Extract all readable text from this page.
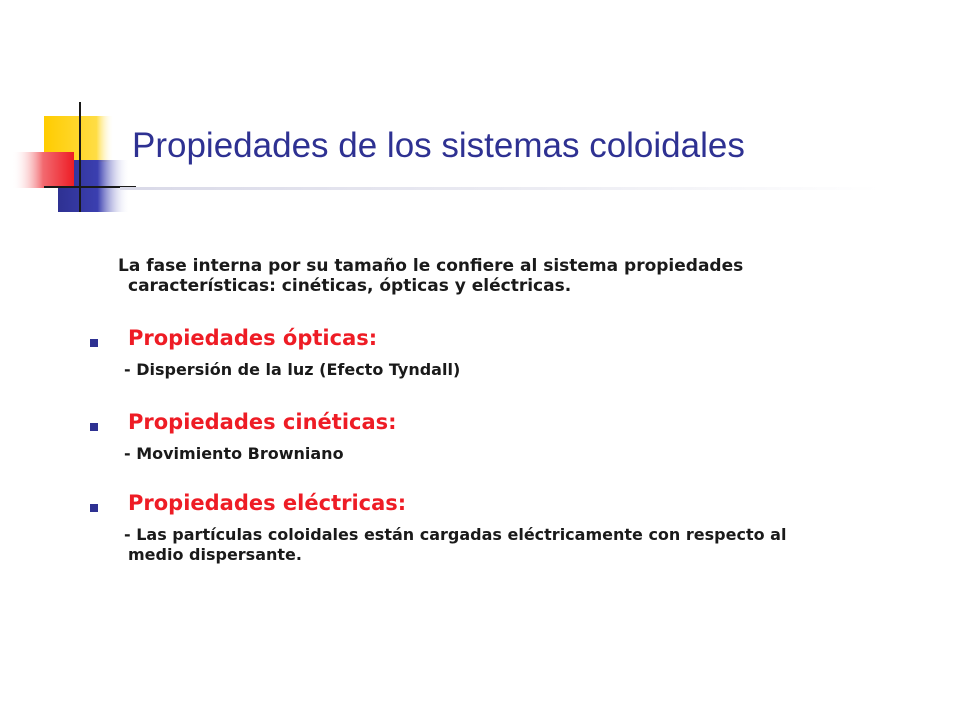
Propiedades de los sistemas coloidales

La fase interna por su tamaño le confiere al sistema propiedades
características: cinéticas, ópticas y eléctricas.

Propiedades ópticas:

- Dispersión de la luz (Efecto Tyndall)

Propiedades cinéticas:

- Movimiento Browniano

Propiedades eléctricas:

- Las partículas coloidales están cargadas eléctricamente con respecto al
medio dispersante.
